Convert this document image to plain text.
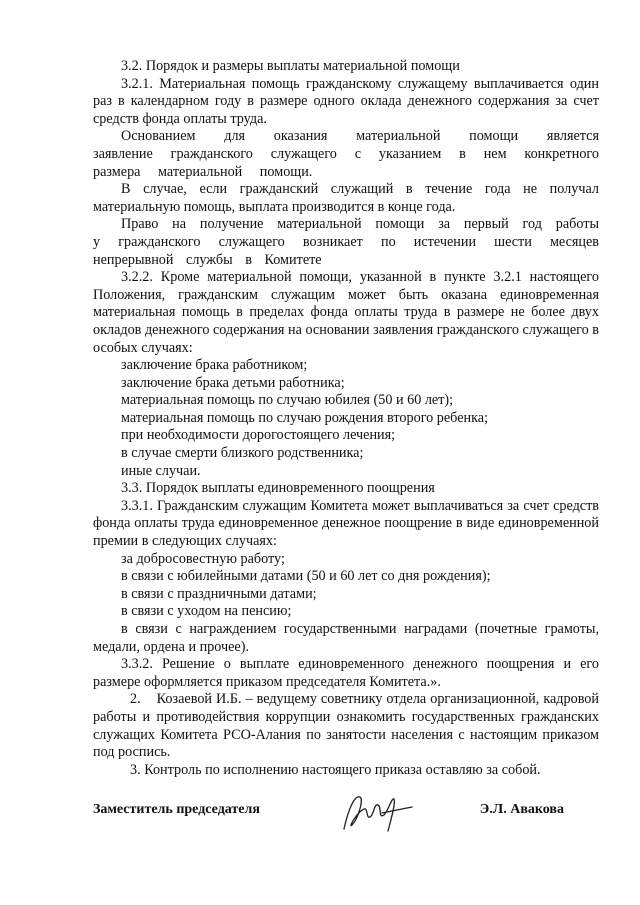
3.2. Порядок и размеры выплаты материальной помощи

3.2.1. Материальная помощь гражданскому служащему выплачивается один раз в календарном году в размере одного оклада денежного содержания за счет средств фонда оплаты труда.

Основанием для оказания материальной помощи является заявление гражданского служащего с указанием в нем конкретного размера материальной помощи.

В случае, если гражданский служащий в течение года не получал материальную помощь, выплата производится в конце года.

Право на получение материальной помощи за первый год работы у гражданского служащего возникает по истечении шести месяцев непрерывной службы в Комитете

3.2.2. Кроме материальной помощи, указанной в пункте 3.2.1 настоящего Положения, гражданским служащим может быть оказана единовременная материальная помощь в пределах фонда оплаты труда в размере не более двух окладов денежного содержания на основании заявления гражданского служащего в особых случаях:

заключение брака работником;

заключение брака детьми работника;

материальная помощь по случаю юбилея (50 и 60 лет);

материальная помощь по случаю рождения второго ребенка;

при необходимости дорогостоящего лечения;

в случае смерти близкого родственника;

иные случаи.

3.3. Порядок выплаты единовременного поощрения

3.3.1. Гражданским служащим Комитета может выплачиваться за счет средств фонда оплаты труда единовременное денежное поощрение в виде единовременной премии в следующих случаях:

за добросовестную работу;

в связи с юбилейными датами (50 и 60 лет со дня рождения);

в связи с праздничными датами;

в связи с уходом на пенсию;

в связи с награждением государственными наградами (почетные грамоты, медали, ордена и прочее).

3.3.2. Решение о выплате единовременного денежного поощрения и его размере оформляется приказом председателя Комитета.».

2.    Козаевой И.Б. – ведущему советнику отдела организационной, кадровой работы и противодействия коррупции ознакомить государственных гражданских служащих Комитета РСО-Алания по занятости населения с настоящим приказом под роспись.

3. Контроль по исполнению настоящего приказа оставляю за собой.

Заместитель председателя	Э.Л. Авакова
